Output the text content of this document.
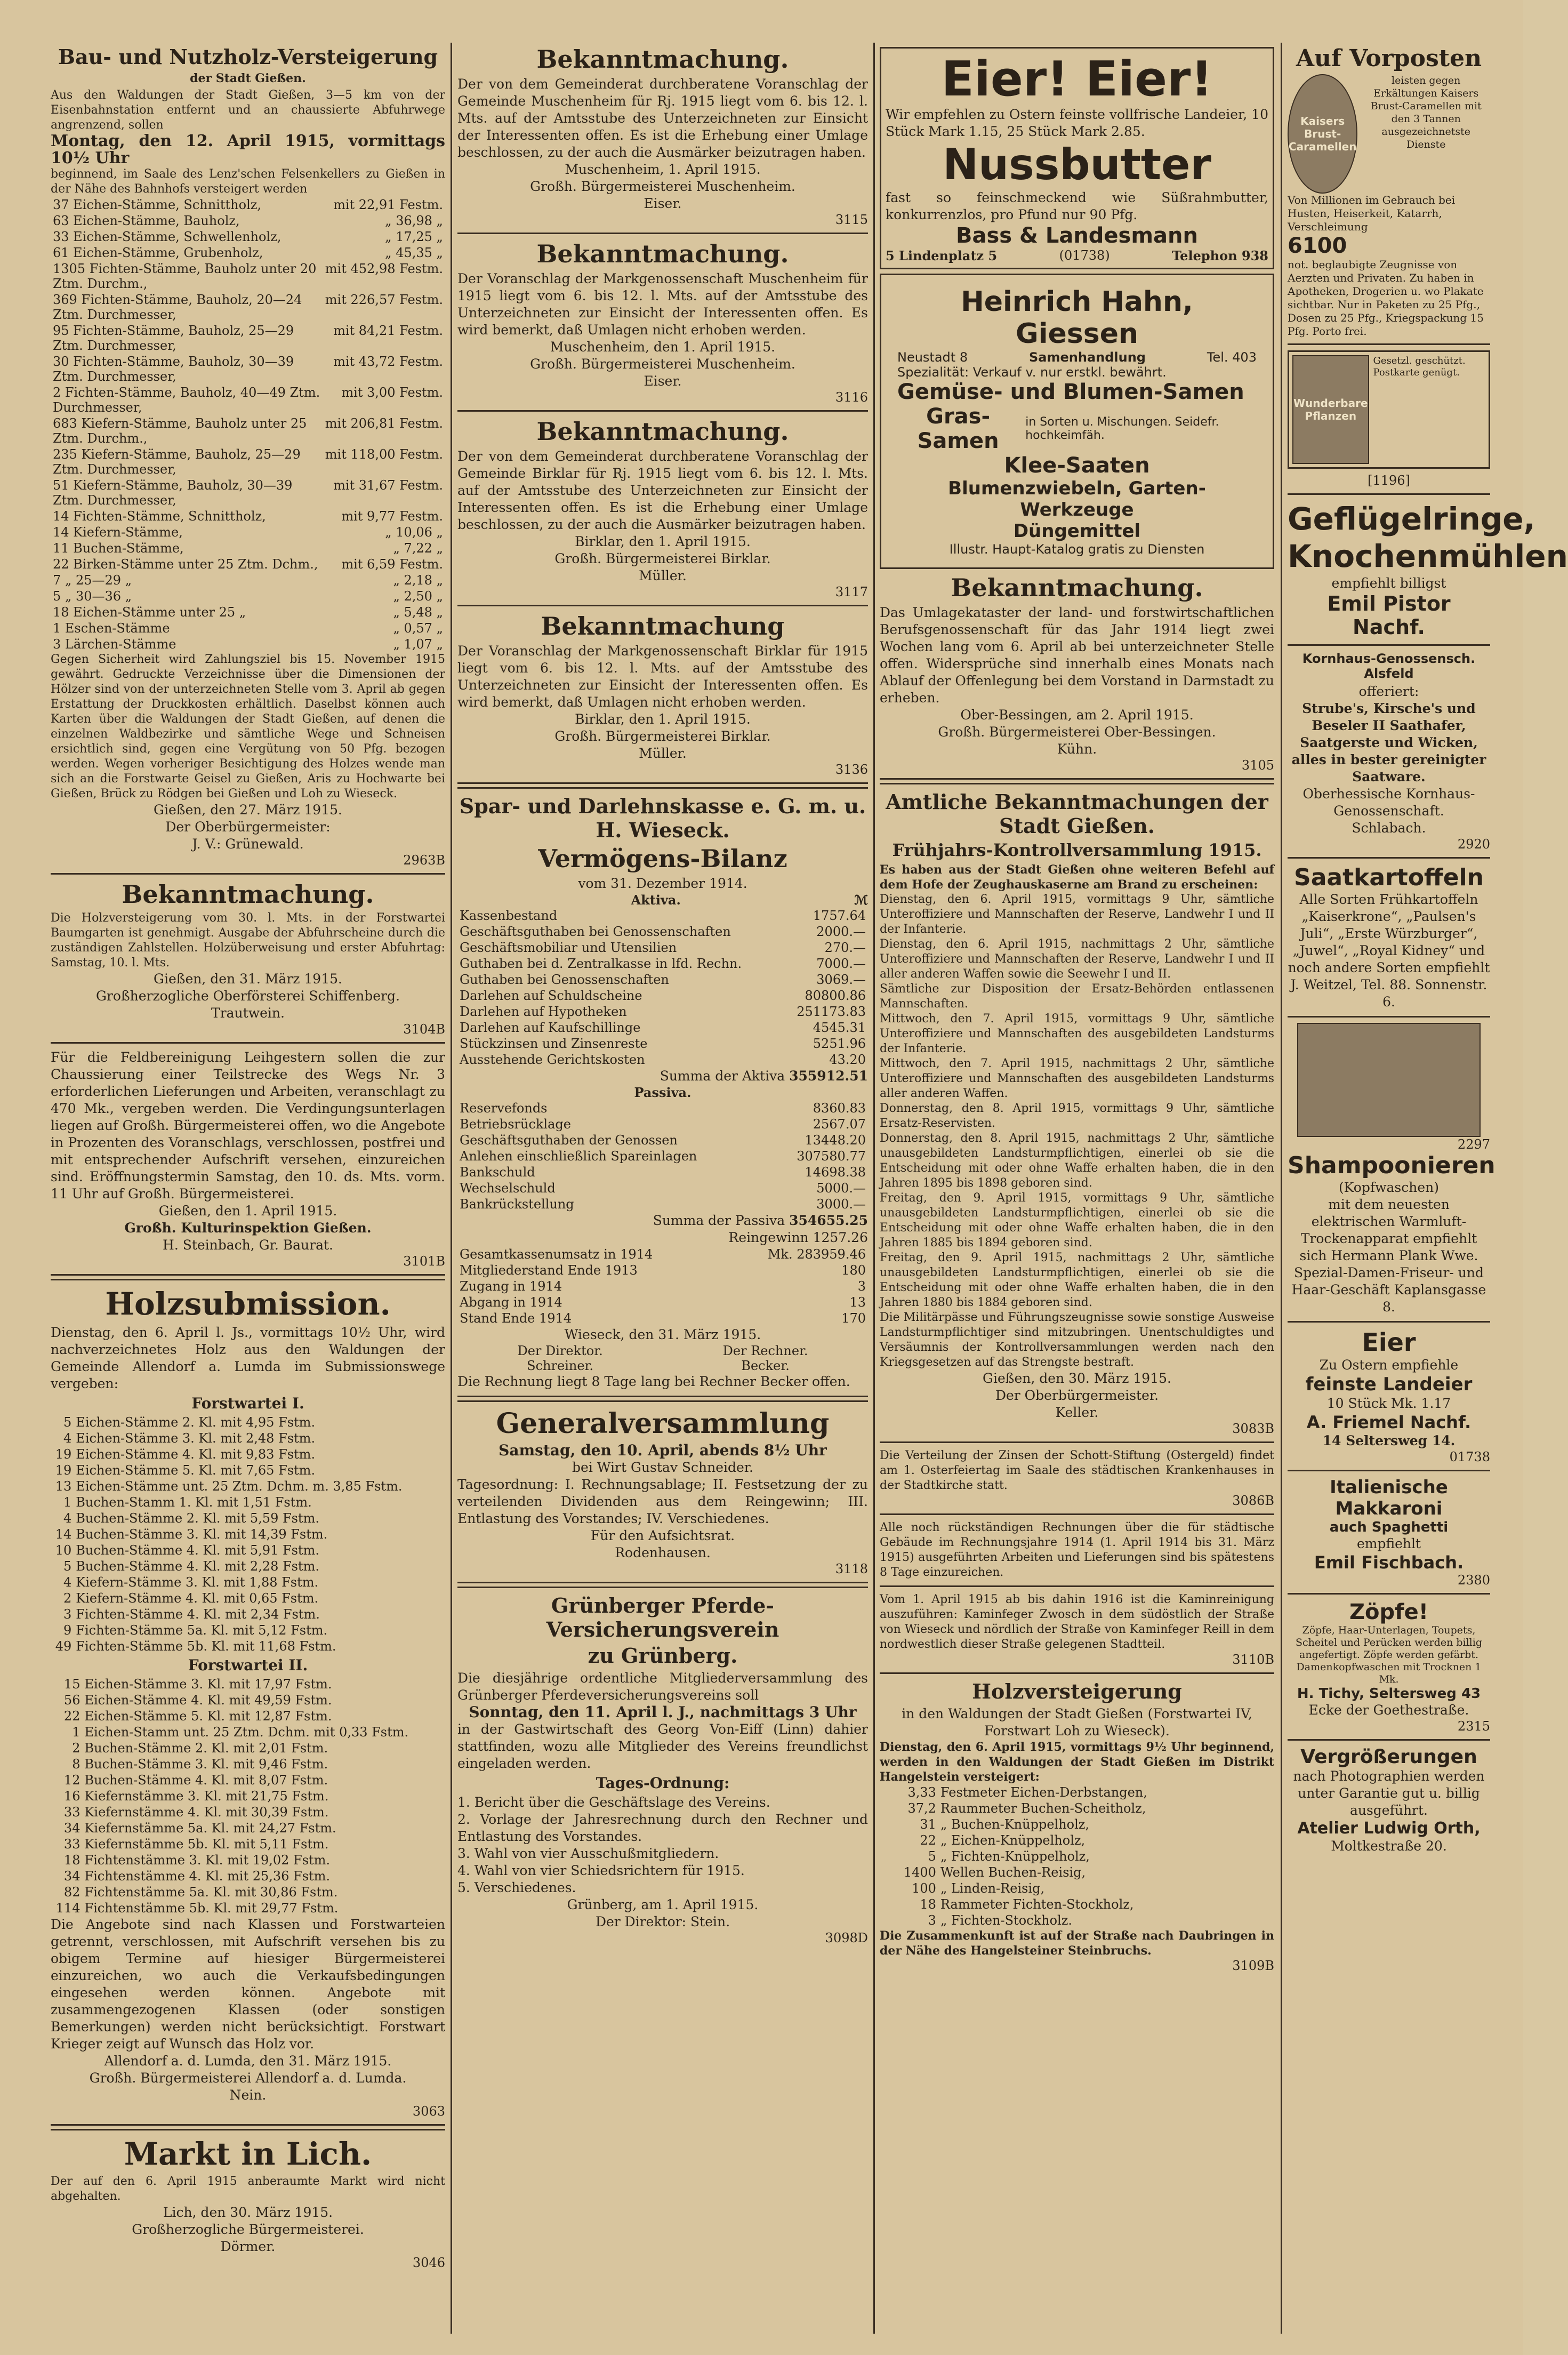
Bau- und Nutzholz-Versteigerung
der Stadt Gießen.
Aus den Waldungen der Stadt Gießen, 3—5 km von der Eisenbahnstation entfernt und an chaussierte Abfuhrwege angrenzend, sollen
Montag, den 12. April 1915, vormittags 10½ Uhr
beginnend, im Saale des Lenz'schen Felsenkellers zu Gießen in der Nähe des Bahnhofs versteigert werden
37 Eichen-Stämme, Schnittholz,	mit 22,91 Festm.
63 Eichen-Stämme, Bauholz,	„ 36,98 „
33 Eichen-Stämme, Schwellenholz,	„ 17,25 „
61 Eichen-Stämme, Grubenholz,	„ 45,35 „
1305 Fichten-Stämme, Bauholz unter 20 Ztm. Durchm.,	mit 452,98 Festm.
369 Fichten-Stämme, Bauholz, 20—24 Ztm. Durchmesser,	mit 226,57 Festm.
95 Fichten-Stämme, Bauholz, 25—29 Ztm. Durchmesser,	mit 84,21 Festm.
30 Fichten-Stämme, Bauholz, 30—39 Ztm. Durchmesser,	mit 43,72 Festm.
2 Fichten-Stämme, Bauholz, 40—49 Ztm. Durchmesser,	mit 3,00 Festm.
683 Kiefern-Stämme, Bauholz unter 25 Ztm. Durchm.,	mit 206,81 Festm.
235 Kiefern-Stämme, Bauholz, 25—29 Ztm. Durchmesser,	mit 118,00 Festm.
51 Kiefern-Stämme, Bauholz, 30—39 Ztm. Durchmesser,	mit 31,67 Festm.
14 Fichten-Stämme, Schnittholz,	mit 9,77 Festm.
14 Kiefern-Stämme,	„ 10,06 „
11 Buchen-Stämme,	„ 7,22 „
22 Birken-Stämme unter 25 Ztm. Dchm.,	mit 6,59 Festm.
7 „ 25—29 „	„ 2,18 „
5 „ 30—36 „	„ 2,50 „
18 Eichen-Stämme unter 25 „	„ 5,48 „
1 Eschen-Stämme	„ 0,57 „
3 Lärchen-Stämme	„ 1,07 „
Gegen Sicherheit wird Zahlungsziel bis 15. November 1915 gewährt. Gedruckte Verzeichnisse über die Dimensionen der Hölzer sind von der unterzeichneten Stelle vom 3. April ab gegen Erstattung der Druckkosten erhältlich. Daselbst können auch Karten über die Waldungen der Stadt Gießen, auf denen die einzelnen Waldbezirke und sämtliche Wege und Schneisen ersichtlich sind, gegen eine Vergütung von 50 Pfg. bezogen werden. Wegen vorheriger Besichtigung des Holzes wende man sich an die Forstwarte Geisel zu Gießen, Aris zu Hochwarte bei Gießen, Brück zu Rödgen bei Gießen und Loh zu Wieseck.
Gießen, den 27. März 1915.
Der Oberbürgermeister:
J. V.: Grünewald.
2963B
Bekanntmachung.
Die Holzversteigerung vom 30. l. Mts. in der Forstwartei Baumgarten ist genehmigt. Ausgabe der Abfuhrscheine durch die zuständigen Zahlstellen. Holzüberweisung und erster Abfuhrtag: Samstag, 10. l. Mts.
Gießen, den 31. März 1915.
Großherzogliche Oberförsterei Schiffenberg.
Trautwein.
3104B
Für die Feldbereinigung Leihgestern sollen die zur Chaussierung einer Teilstrecke des Wegs Nr. 3 erforderlichen Lieferungen und Arbeiten, veranschlagt zu 470 Mk., vergeben werden. Die Verdingungsunterlagen liegen auf Großh. Bürgermeisterei offen, wo die Angebote in Prozenten des Voranschlags, verschlossen, postfrei und mit entsprechender Aufschrift versehen, einzureichen sind. Eröffnungstermin Samstag, den 10. ds. Mts. vorm. 11 Uhr auf Großh. Bürgermeisterei.
Gießen, den 1. April 1915.
Großh. Kulturinspektion Gießen.
H. Steinbach, Gr. Baurat.
3101B
Holzsubmission.
Dienstag, den 6. April l. Js., vormittags 10½ Uhr, wird nachverzeichnetes Holz aus den Waldungen der Gemeinde Allendorf a. Lumda im Submissionswege vergeben:
Forstwartei I.
5	Eichen-Stämme 2. Kl. mit 4,95 Fstm.
4	Eichen-Stämme 3. Kl. mit 2,48 Fstm.
19	Eichen-Stämme 4. Kl. mit 9,83 Fstm.
19	Eichen-Stämme 5. Kl. mit 7,65 Fstm.
13	Eichen-Stämme unt. 25 Ztm. Dchm. m. 3,85 Fstm.
1	Buchen-Stamm 1. Kl. mit 1,51 Fstm.
4	Buchen-Stämme 2. Kl. mit 5,59 Fstm.
14	Buchen-Stämme 3. Kl. mit 14,39 Fstm.
10	Buchen-Stämme 4. Kl. mit 5,91 Fstm.
5	Buchen-Stämme 4. Kl. mit 2,28 Fstm.
4	Kiefern-Stämme 3. Kl. mit 1,88 Fstm.
2	Kiefern-Stämme 4. Kl. mit 0,65 Fstm.
3	Fichten-Stämme 4. Kl. mit 2,34 Fstm.
9	Fichten-Stämme 5a. Kl. mit 5,12 Fstm.
49	Fichten-Stämme 5b. Kl. mit 11,68 Fstm.
Forstwartei II.
15	Eichen-Stämme 3. Kl. mit 17,97 Fstm.
56	Eichen-Stämme 4. Kl. mit 49,59 Fstm.
22	Eichen-Stämme 5. Kl. mit 12,87 Fstm.
1	Eichen-Stamm unt. 25 Ztm. Dchm. mit 0,33 Fstm.
2	Buchen-Stämme 2. Kl. mit 2,01 Fstm.
8	Buchen-Stämme 3. Kl. mit 9,46 Fstm.
12	Buchen-Stämme 4. Kl. mit 8,07 Fstm.
16	Kiefernstämme 3. Kl. mit 21,75 Fstm.
33	Kiefernstämme 4. Kl. mit 30,39 Fstm.
34	Kiefernstämme 5a. Kl. mit 24,27 Fstm.
33	Kiefernstämme 5b. Kl. mit 5,11 Fstm.
18	Fichtenstämme 3. Kl. mit 19,02 Fstm.
34	Fichtenstämme 4. Kl. mit 25,36 Fstm.
82	Fichtenstämme 5a. Kl. mit 30,86 Fstm.
114	Fichtenstämme 5b. Kl. mit 29,77 Fstm.
Die Angebote sind nach Klassen und Forstwarteien getrennt, verschlossen, mit Aufschrift versehen bis zu obigem Termine auf hiesiger Bürgermeisterei einzureichen, wo auch die Verkaufsbedingungen eingesehen werden können. Angebote mit zusammengezogenen Klassen (oder sonstigen Bemerkungen) werden nicht berücksichtigt. Forstwart Krieger zeigt auf Wunsch das Holz vor.
Allendorf a. d. Lumda, den 31. März 1915.
Großh. Bürgermeisterei Allendorf a. d. Lumda.
Nein.
3063
Markt in Lich.
Der auf den 6. April 1915 anberaumte Markt wird nicht abgehalten.
Lich, den 30. März 1915.
Großherzogliche Bürgermeisterei.
Dörmer.
3046
Bekanntmachung.
Der von dem Gemeinderat durchberatene Voranschlag der Gemeinde Muschenheim für Rj. 1915 liegt vom 6. bis 12. l. Mts. auf der Amtsstube des Unterzeichneten zur Einsicht der Interessenten offen. Es ist die Erhebung einer Umlage beschlossen, zu der auch die Ausmärker beizutragen haben.
Muschenheim, 1. April 1915.
Großh. Bürgermeisterei Muschenheim.
Eiser.
3115
Bekanntmachung.
Der Voranschlag der Markgenossenschaft Muschenheim für 1915 liegt vom 6. bis 12. l. Mts. auf der Amtsstube des Unterzeichneten zur Einsicht der Interessenten offen. Es wird bemerkt, daß Umlagen nicht erhoben werden.
Muschenheim, den 1. April 1915.
Großh. Bürgermeisterei Muschenheim.
Eiser.
3116
Bekanntmachung.
Der von dem Gemeinderat durchberatene Voranschlag der Gemeinde Birklar für Rj. 1915 liegt vom 6. bis 12. l. Mts. auf der Amtsstube des Unterzeichneten zur Einsicht der Interessenten offen. Es ist die Erhebung einer Umlage beschlossen, zu der auch die Ausmärker beizutragen haben.
Birklar, den 1. April 1915.
Großh. Bürgermeisterei Birklar.
Müller.
3117
Bekanntmachung
Der Voranschlag der Markgenossenschaft Birklar für 1915 liegt vom 6. bis 12. l. Mts. auf der Amtsstube des Unterzeichneten zur Einsicht der Interessenten offen. Es wird bemerkt, daß Umlagen nicht erhoben werden.
Birklar, den 1. April 1915.
Großh. Bürgermeisterei Birklar.
Müller.
3136
Spar- und Darlehnskasse e. G. m. u. H. Wieseck.
Vermögens-Bilanz
vom 31. Dezember 1914.
Aktiva.	ℳ
Kassenbestand	1757.64
Geschäftsguthaben bei Genossenschaften	2000.—
Geschäftsmobiliar und Utensilien	270.—
Guthaben bei d. Zentralkasse in lfd. Rechn.	7000.—
Guthaben bei Genossenschaften	3069.—
Darlehen auf Schuldscheine	80800.86
Darlehen auf Hypotheken	251173.83
Darlehen auf Kaufschillinge	4545.31
Stückzinsen und Zinsenreste	5251.96
Ausstehende Gerichtskosten	43.20
Summa der Aktiva 355912.51
Passiva.
Reservefonds	8360.83
Betriebsrücklage	2567.07
Geschäftsguthaben der Genossen	13448.20
Anlehen einschließlich Spareinlagen	307580.77
Bankschuld	14698.38
Wechselschuld	5000.—
Bankrückstellung	3000.—
Summa der Passiva 354655.25
Reingewinn 1257.26
Gesamtkassenumsatz in 1914	Mk. 283959.46
Mitgliederstand Ende 1913	180
Zugang in 1914	3
Abgang in 1914	13
Stand Ende 1914	170
Wieseck, den 31. März 1915.
Der Direktor.
Schreiner.
Der Rechner.
Becker.
Die Rechnung liegt 8 Tage lang bei Rechner Becker offen.
Generalversammlung
Samstag, den 10. April, abends 8½ Uhr
bei Wirt Gustav Schneider.
Tagesordnung: I. Rechnungsablage; II. Festsetzung der zu verteilenden Dividenden aus dem Reingewinn; III. Entlastung des Vorstandes; IV. Verschiedenes.
Für den Aufsichtsrat.
Rodenhausen.
3118
Grünberger Pferde-Versicherungsverein
zu Grünberg.
Die diesjährige ordentliche Mitgliederversammlung des Grünberger Pferdeversicherungsvereins soll
Sonntag, den 11. April l. J., nachmittags 3 Uhr
in der Gastwirtschaft des Georg Von-Eiff (Linn) dahier stattfinden, wozu alle Mitglieder des Vereins freundlichst eingeladen werden.
Tages-Ordnung:
1. Bericht über die Geschäftslage des Vereins.
2. Vorlage der Jahresrechnung durch den Rechner und Entlastung des Vorstandes.
3. Wahl von vier Ausschußmitgliedern.
4. Wahl von vier Schiedsrichtern für 1915.
5. Verschiedenes.
Grünberg, am 1. April 1915.
Der Direktor: Stein.
3098D
Eier! Eier!
Wir empfehlen zu Ostern feinste vollfrische Landeier, 10 Stück Mark 1.15, 25 Stück Mark 2.85.
Nussbutter
fast so feinschmeckend wie Süßrahmbutter, konkurrenzlos, pro Pfund nur 90 Pfg.
Bass & Landesmann
5 Lindenplatz 5	(01738)	Telephon 938
Heinrich Hahn, Giessen
Neustadt 8	Samenhandlung	Tel. 403
Spezialität: Verkauf v. nur erstkl. bewährt.
Gemüse- und Blumen-Samen
Gras-Samen
in Sorten u. Mischungen. Seidefr. hochkeimfäh.
Klee-Saaten
Blumenzwiebeln, Garten-Werkzeuge
Düngemittel
Illustr. Haupt-Katalog gratis zu Diensten
Bekanntmachung.
Das Umlagekataster der land- und forstwirtschaftlichen Berufsgenossenschaft für das Jahr 1914 liegt zwei Wochen lang vom 6. April ab bei unterzeichneter Stelle offen. Widersprüche sind innerhalb eines Monats nach Ablauf der Offenlegung bei dem Vorstand in Darmstadt zu erheben.
Ober-Bessingen, am 2. April 1915.
Großh. Bürgermeisterei Ober-Bessingen.
Kühn.
3105
Amtliche Bekanntmachungen der Stadt Gießen.
Frühjahrs-Kontrollversammlung 1915.
Es haben aus der Stadt Gießen ohne weiteren Befehl auf dem Hofe der Zeughauskaserne am Brand zu erscheinen:
Dienstag, den 6. April 1915, vormittags 9 Uhr, sämtliche Unteroffiziere und Mannschaften der Reserve, Landwehr I und II der Infanterie.
Dienstag, den 6. April 1915, nachmittags 2 Uhr, sämtliche Unteroffiziere und Mannschaften der Reserve, Landwehr I und II aller anderen Waffen sowie die Seewehr I und II.
Sämtliche zur Disposition der Ersatz-Behörden entlassenen Mannschaften.
Mittwoch, den 7. April 1915, vormittags 9 Uhr, sämtliche Unteroffiziere und Mannschaften des ausgebildeten Landsturms der Infanterie.
Mittwoch, den 7. April 1915, nachmittags 2 Uhr, sämtliche Unteroffiziere und Mannschaften des ausgebildeten Landsturms aller anderen Waffen.
Donnerstag, den 8. April 1915, vormittags 9 Uhr, sämtliche Ersatz-Reservisten.
Donnerstag, den 8. April 1915, nachmittags 2 Uhr, sämtliche unausgebildeten Landsturmpflichtigen, einerlei ob sie die Entscheidung mit oder ohne Waffe erhalten haben, die in den Jahren 1895 bis 1898 geboren sind.
Freitag, den 9. April 1915, vormittags 9 Uhr, sämtliche unausgebildeten Landsturmpflichtigen, einerlei ob sie die Entscheidung mit oder ohne Waffe erhalten haben, die in den Jahren 1885 bis 1894 geboren sind.
Freitag, den 9. April 1915, nachmittags 2 Uhr, sämtliche unausgebildeten Landsturmpflichtigen, einerlei ob sie die Entscheidung mit oder ohne Waffe erhalten haben, die in den Jahren 1880 bis 1884 geboren sind.
Die Militärpässe und Führungszeugnisse sowie sonstige Ausweise Landsturmpflichtiger sind mitzubringen. Unentschuldigtes und Versäumnis der Kontrollversammlungen werden nach den Kriegsgesetzen auf das Strengste bestraft.
Gießen, den 30. März 1915.
Der Oberbürgermeister.
Keller.
3083B
Die Verteilung der Zinsen der Schott-Stiftung (Ostergeld) findet am 1. Osterfeiertag im Saale des städtischen Krankenhauses in der Stadtkirche statt.
3086B
Alle noch rückständigen Rechnungen über die für städtische Gebäude im Rechnungsjahre 1914 (1. April 1914 bis 31. März 1915) ausgeführten Arbeiten und Lieferungen sind bis spätestens 8 Tage einzureichen.
Vom 1. April 1915 ab bis dahin 1916 ist die Kaminreinigung auszuführen: Kaminfeger Zwosch in dem südöstlich der Straße von Wieseck und nördlich der Straße von Kaminfeger Reill in dem nordwestlich dieser Straße gelegenen Stadtteil.
3110B
Holzversteigerung
in den Waldungen der Stadt Gießen (Forstwartei IV, Forstwart Loh zu Wieseck).
Dienstag, den 6. April 1915, vormittags 9½ Uhr beginnend, werden in den Waldungen der Stadt Gießen im Distrikt Hangelstein versteigert:
3,33	Festmeter Eichen-Derbstangen,
37,2	Raummeter Buchen-Scheitholz,
31	„ Buchen-Knüppelholz,
22	„ Eichen-Knüppelholz,
5	„ Fichten-Knüppelholz,
1400	Wellen Buchen-Reisig,
100	„ Linden-Reisig,
18	Rammeter Fichten-Stockholz,
3	„ Fichten-Stockholz.
Die Zusammenkunft ist auf der Straße nach Daubringen in der Nähe des Hangelsteiner Steinbruchs.
3109B
Auf Vorposten
Kaisers Brust-Caramellen
leisten gegen Erkältungen Kaisers Brust-Caramellen mit den 3 Tannen ausgezeichnetste Dienste
Von Millionen im Gebrauch bei Husten, Heiserkeit, Katarrh, Verschleimung
6100
not. beglaubigte Zeugnisse von Aerzten und Privaten. Zu haben in Apotheken, Drogerien u. wo Plakate sichtbar. Nur in Paketen zu 25 Pfg., Dosen zu 25 Pfg., Kriegspackung 15 Pfg. Porto frei.
Wunderbare Pflanzen
Gesetzl. geschützt. Postkarte genügt.
[1196]
Geflügelringe,
Knochenmühlen
empfiehlt billigst
Emil Pistor Nachf.
Kornhaus-Genossensch. Alsfeld
offeriert:
Strube's, Kirsche's und Beseler II Saathafer, Saatgerste und Wicken, alles in bester gereinigter Saatware.
Oberhessische Kornhaus-Genossenschaft.
Schlabach.
2920
Saatkartoffeln
Alle Sorten Frühkartoffeln „Kaiserkrone“, „Paulsen's Juli“, „Erste Würzburger“, „Juwel“, „Royal Kidney“ und noch andere Sorten empfiehlt J. Weitzel, Tel. 88. Sonnenstr. 6.
2297
Shampoonieren
(Kopfwaschen)
mit dem neuesten elektrischen Warmluft-Trockenapparat empfiehlt sich Hermann Plank Wwe. Spezial-Damen-Friseur- und Haar-Geschäft Kaplansgasse 8.
Eier
Zu Ostern empfiehle
feinste Landeier
10 Stück Mk. 1.17
A. Friemel Nachf.
14 Seltersweg 14.
01738
Italienische Makkaroni
auch Spaghetti
empfiehlt
Emil Fischbach.
2380
Zöpfe!
Zöpfe, Haar-Unterlagen, Toupets, Scheitel und Perücken werden billig angefertigt. Zöpfe werden gefärbt. Damenkopfwaschen mit Trocknen 1 Mk.
H. Tichy, Seltersweg 43
Ecke der Goethestraße.
2315
Vergrößerungen
nach Photographien werden unter Garantie gut u. billig ausgeführt.
Atelier Ludwig Orth,
Moltkestraße 20.
